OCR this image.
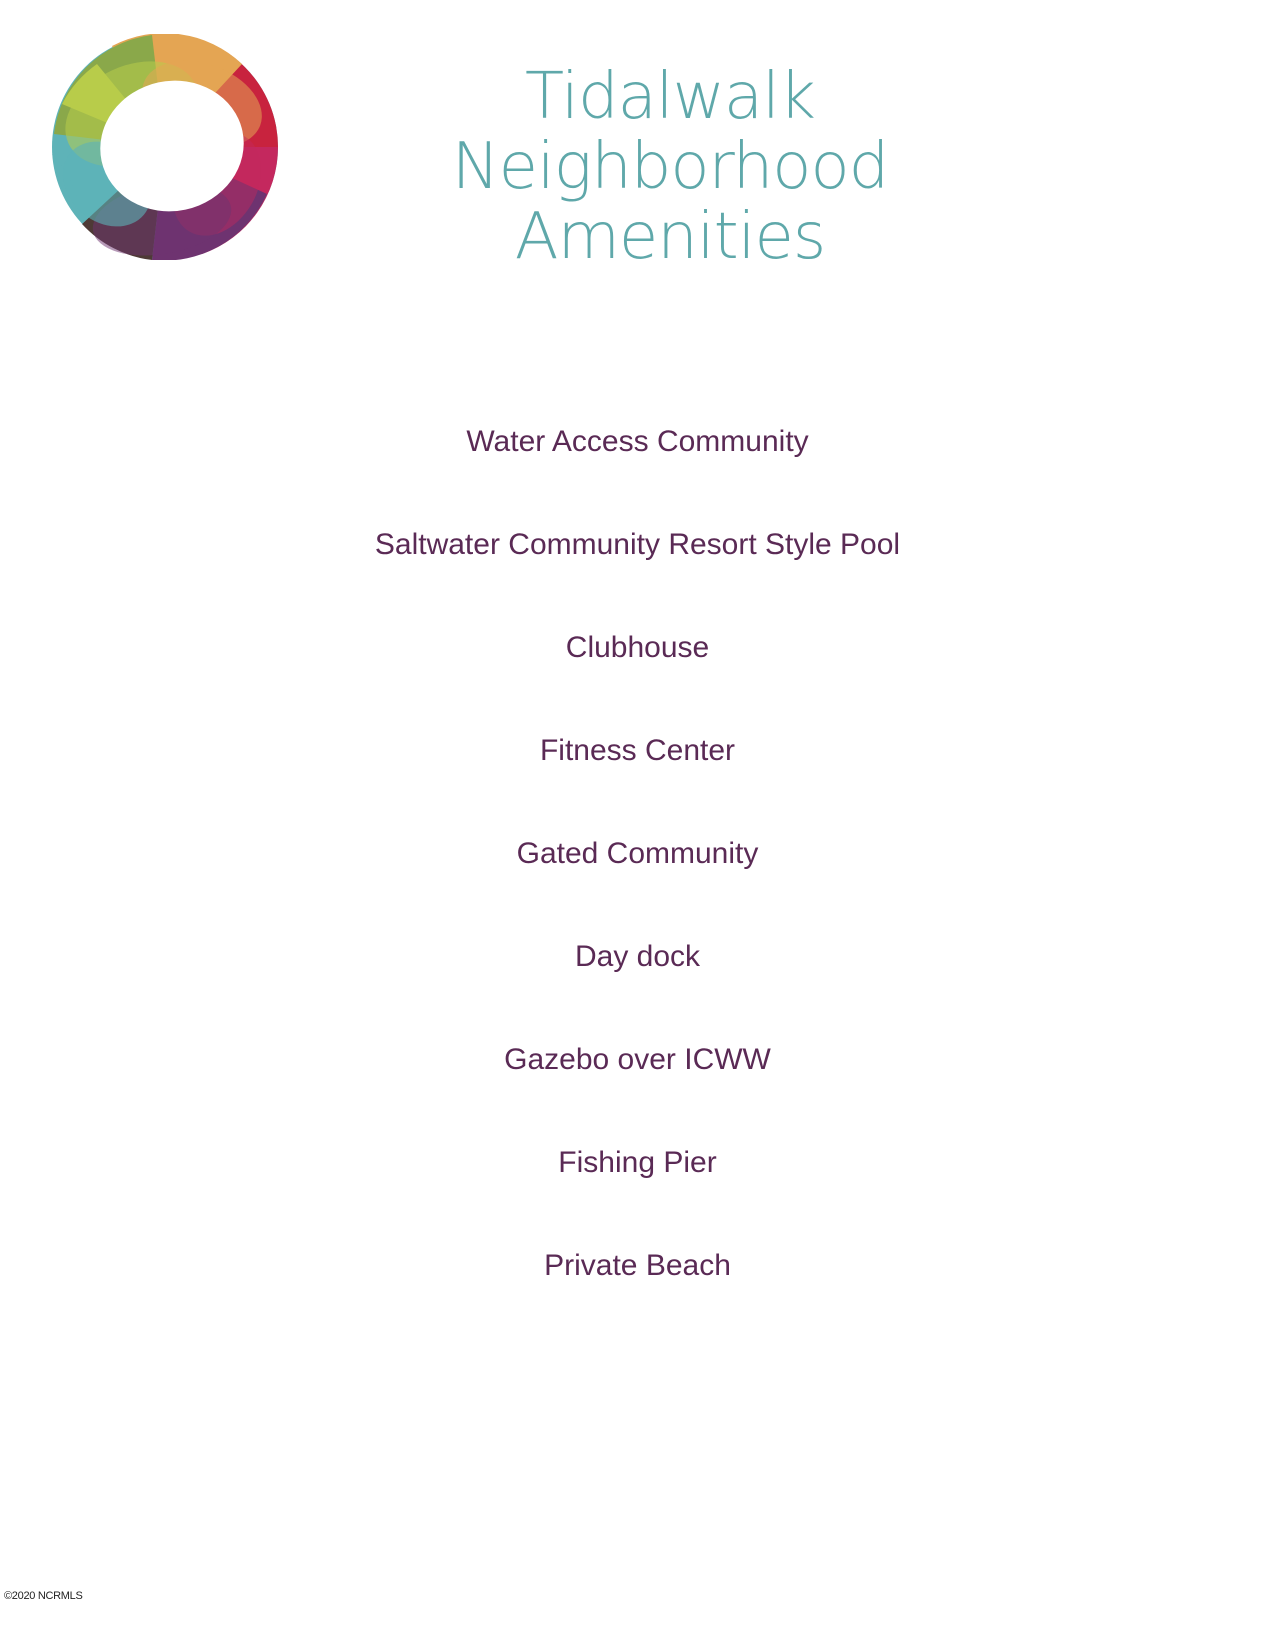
Tidalwalk
Neighborhood
Amenities
Water Access Community
Saltwater Community Resort Style Pool
Clubhouse
Fitness Center
Gated Community
Day dock
Gazebo over ICWW
Fishing Pier
Private Beach
©2020 NCRMLS
